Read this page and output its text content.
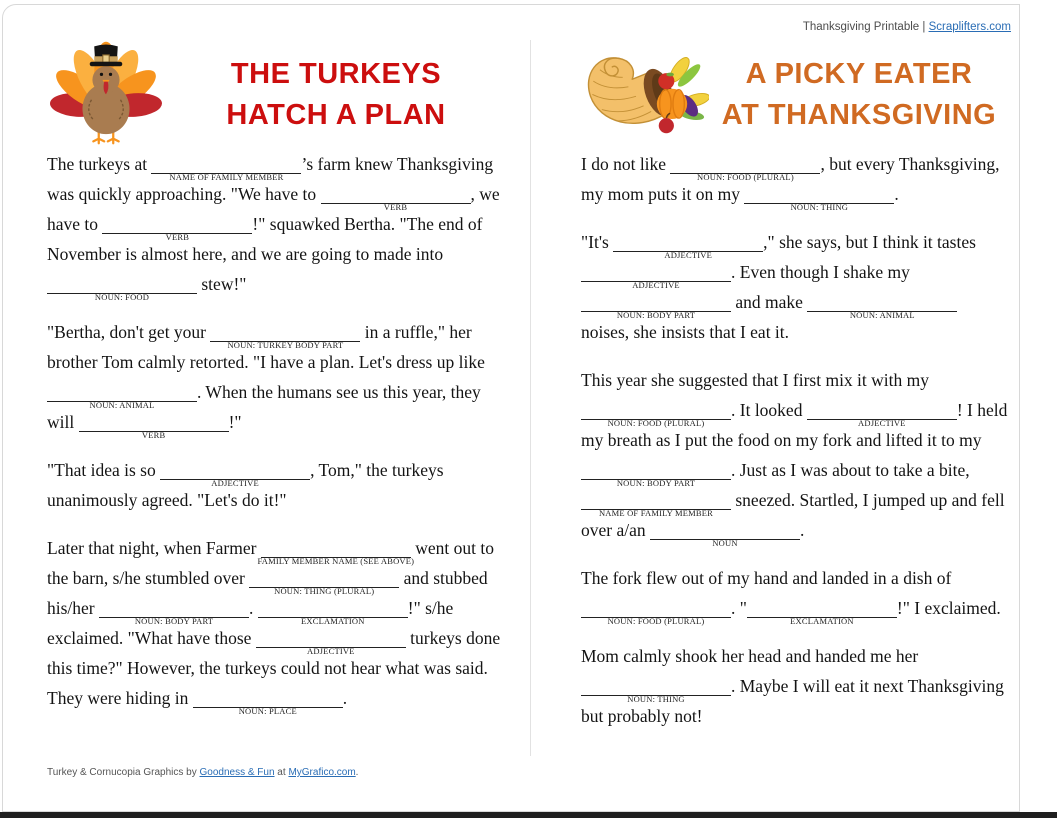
Thanksgiving Printable | Scraplifters.com
THE TURKEYS
HATCH A PLAN

The turkeys at
NAME OF FAMILY MEMBER
’s farm knew Thanksgiving was quickly approaching. "We have to
VERB
, we have to
VERB
!" squawked Bertha. "The end of November is almost here, and we are going to made into
NOUN: FOOD
stew!"

"Bertha, don't get your
NOUN: TURKEY BODY PART
in a ruffle," her brother Tom calmly retorted. "I have a plan. Let's dress up like
NOUN: ANIMAL
. When the humans see us this year, they will
VERB
!"

"That idea is so
ADJECTIVE
, Tom," the turkeys unanimously agreed. "Let's do it!"

Later that night, when Farmer
FAMILY MEMBER NAME (SEE ABOVE)
went out to the barn, s/he stumbled over
NOUN: THING (PLURAL)
and stubbed his/her
NOUN: BODY PART
.
EXCLAMATION
!" s/he exclaimed. "What have those
ADJECTIVE
turkeys done this time?" However, the turkeys could not hear what was said. They were hiding in
NOUN: PLACE
.

A PICKY EATER
AT THANKSGIVING

I do not like
NOUN: FOOD (PLURAL)
, but every Thanksgiving, my mom puts it on my
NOUN: THING
.

"It's
ADJECTIVE
," she says, but I think it tastes
ADJECTIVE
. Even though I shake my
NOUN: BODY PART
and make
NOUN: ANIMAL
noises, she insists that I eat it.

This year she suggested that I first mix it with my
NOUN: FOOD (PLURAL)
. It looked
ADJECTIVE
! I held my breath as I put the food on my fork and lifted it to my
NOUN: BODY PART
. Just as I was about to take a bite,
NAME OF FAMILY MEMBER
sneezed. Startled, I jumped up and fell over a/an
NOUN
.

The fork flew out of my hand and landed in a dish of
NOUN: FOOD (PLURAL)
. "
EXCLAMATION
!" I exclaimed.

Mom calmly shook her head and handed me her
NOUN: THING
. Maybe I will eat it next Thanksgiving but probably not!

Turkey & Cornucopia Graphics by Goodness & Fun at MyGrafico.com.
